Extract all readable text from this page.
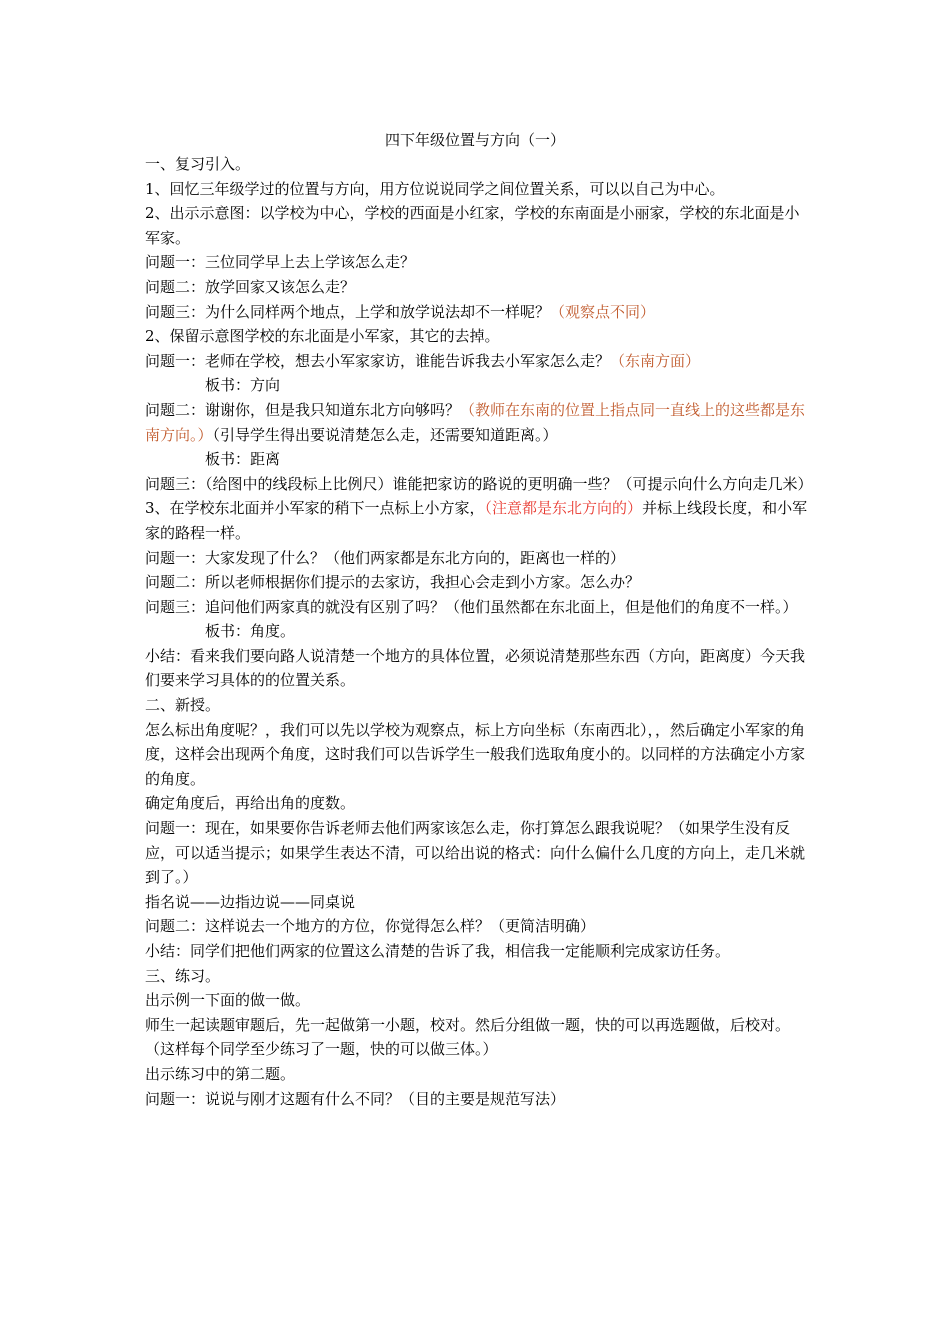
四下年级位置与方向（一）
一、复习引入。
1、回忆三年级学过的位置与方向，用方位说说同学之间位置关系，可以以自己为中心。
2、出示示意图：以学校为中心，学校的西面是小红家，学校的东南面是小丽家，学校的东北面是小军家。
问题一：三位同学早上去上学该怎么走？
问题二：放学回家又该怎么走？
问题三：为什么同样两个地点，上学和放学说法却不一样呢？（观察点不同）
2、保留示意图学校的东北面是小军家，其它的去掉。
问题一：老师在学校，想去小军家家访，谁能告诉我去小军家怎么走？（东南方面）
板书：方向
问题二：谢谢你，但是我只知道东北方向够吗？（教师在东南的位置上指点同一直线上的这些都是东南方向。）（引导学生得出要说清楚怎么走，还需要知道距离。）
板书：距离
问题三：（给图中的线段标上比例尺）谁能把家访的路说的更明确一些？（可提示向什么方向走几米）
3、在学校东北面并小军家的稍下一点标上小方家，（注意都是东北方向的）并标上线段长度，和小军家的路程一样。
问题一：大家发现了什么？（他们两家都是东北方向的，距离也一样的）
问题二：所以老师根据你们提示的去家访，我担心会走到小方家。怎么办？
问题三：追问他们两家真的就没有区别了吗？（他们虽然都在东北面上，但是他们的角度不一样。）
板书：角度。
小结：看来我们要向路人说清楚一个地方的具体位置，必须说清楚那些东西（方向，距离度）今天我们要来学习具体的的位置关系。
二、新授。
怎么标出角度呢？，我们可以先以学校为观察点，标上方向坐标（东南西北），，然后确定小军家的角度，这样会出现两个角度，这时我们可以告诉学生一般我们选取角度小的。以同样的方法确定小方家的角度。
确定角度后，再给出角的度数。
问题一：现在，如果要你告诉老师去他们两家该怎么走，你打算怎么跟我说呢？（如果学生没有反应，可以适当提示；如果学生表达不清，可以给出说的格式：向什么偏什么几度的方向上，走几米就到了。）
指名说——边指边说——同桌说
问题二：这样说去一个地方的方位，你觉得怎么样？（更简洁明确）
小结：同学们把他们两家的位置这么清楚的告诉了我，相信我一定能顺利完成家访任务。
三、练习。
出示例一下面的做一做。
师生一起读题审题后，先一起做第一小题，校对。然后分组做一题，快的可以再选题做，后校对。（这样每个同学至少练习了一题，快的可以做三体。）
出示练习中的第二题。
问题一：说说与刚才这题有什么不同？（目的主要是规范写法）
